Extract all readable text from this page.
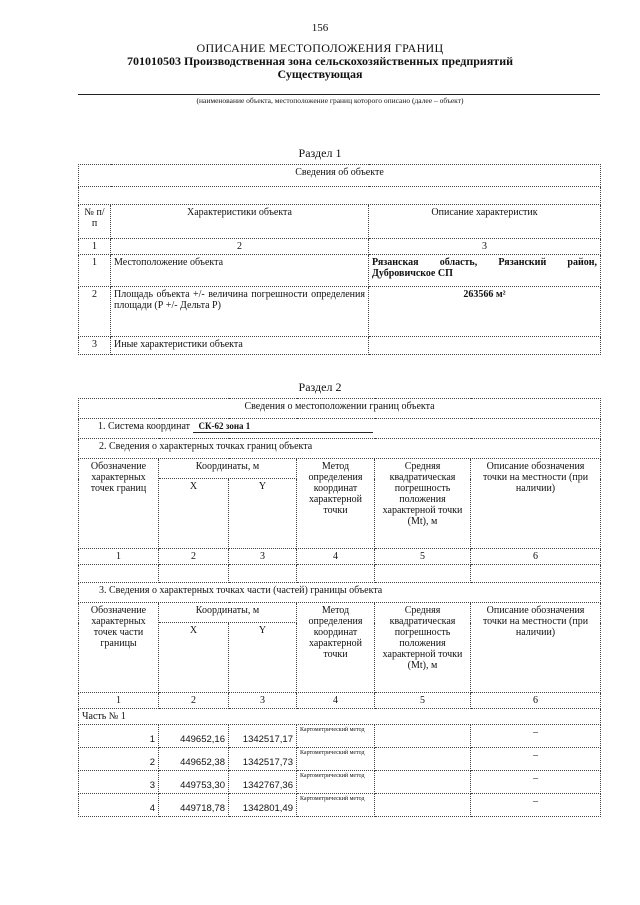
156
ОПИСАНИЕ МЕСТОПОЛОЖЕНИЯ ГРАНИЦ
701010503 Производственная зона сельскохозяйственных предприятий
Существующая
(наименование объекта, местоположение границ которого описано (далее – объект)
Раздел 1
Сведения об объекте		

№ п/п	Характеристики объекта	Описание характеристик
1	2	3
1	Местоположение объекта	Рязанская область, Рязанский район, Дубровичское СП
2	Площадь объекта +/- величина погрешности определения площади (Р +/- Дельта Р)	263566 м²
3	Иные характеристики объекта	
Раздел 2
Сведения о местоположении границ объекта					
1. Система координат СК-62 зона 1					
2. Сведения о характерных точках границ объекта					
Обозначение характерных точек границ	Координаты, м		Метод определения координат характерной точки	Средняя квадратическая погрешность положения характерной точки (Мt), м	Описание обозначения точки на местности (при наличии)
	X	Y			
1	2	3	4	5	6

3. Сведения о характерных точках части (частей) границы объекта					
Обозначение характерных точек части границы	Координаты, м		Метод определения координат характерной точки	Средняя квадратическая погрешность положения характерной точки (Мt), м	Описание обозначения точки на местности (при наличии)
	X	Y			
1	2	3	4	5	6
Часть № 1					
1	449652,16	1342517,17	Картометрический метод		–
2	449652,38	1342517,73	Картометрический метод		–
3	449753,30	1342767,36	Картометрический метод		–
4	449718,78	1342801,49	Картометрический метод		–
